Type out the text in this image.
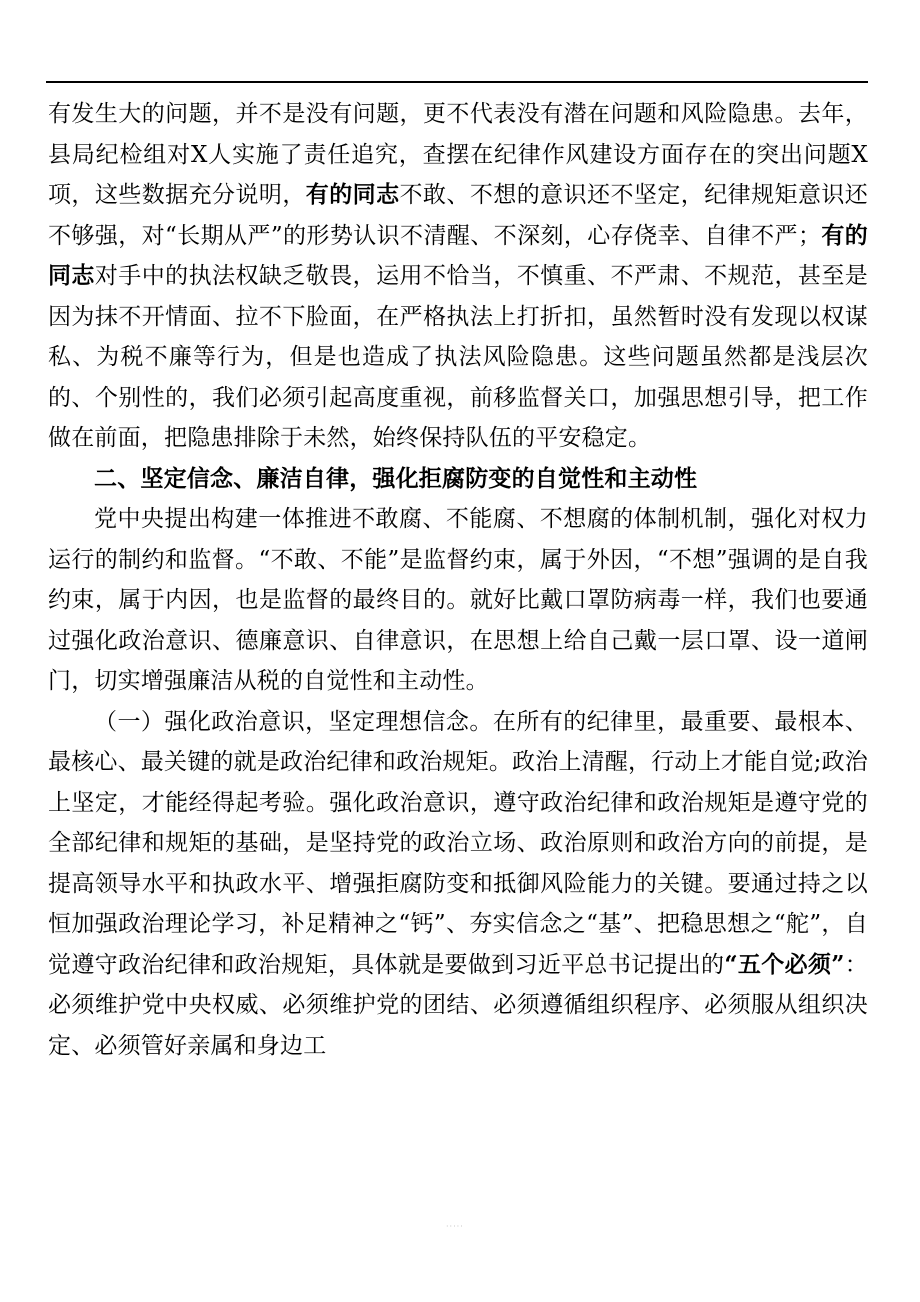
有发生大的问题，并不是没有问题，更不代表没有潜在问题和风险隐患。去年，县局纪检组对X人实施了责任追究，查摆在纪律作风建设方面存在的突出问题X项，这些数据充分说明，有的同志不敢、不想的意识还不坚定，纪律规矩意识还不够强，对“长期从严”的形势认识不清醒、不深刻，心存侥幸、自律不严；有的同志对手中的执法权缺乏敬畏，运用不恰当，不慎重、不严肃、不规范，甚至是因为抹不开情面、拉不下脸面，在严格执法上打折扣，虽然暂时没有发现以权谋私、为税不廉等行为，但是也造成了执法风险隐患。这些问题虽然都是浅层次的、个别性的，我们必须引起高度重视，前移监督关口，加强思想引导，把工作做在前面，把隐患排除于未然，始终保持队伍的平安稳定。

二、坚定信念、廉洁自律，强化拒腐防变的自觉性和主动性

党中央提出构建一体推进不敢腐、不能腐、不想腐的体制机制，强化对权力运行的制约和监督。“不敢、不能”是监督约束，属于外因，“不想”强调的是自我约束，属于内因，也是监督的最终目的。就好比戴口罩防病毒一样，我们也要通过强化政治意识、德廉意识、自律意识，在思想上给自己戴一层口罩、设一道闸门，切实增强廉洁从税的自觉性和主动性。

（一）强化政治意识，坚定理想信念。在所有的纪律里，最重要、最根本、最核心、最关键的就是政治纪律和政治规矩。政治上清醒，行动上才能自觉;政治上坚定，才能经得起考验。强化政治意识，遵守政治纪律和政治规矩是遵守党的全部纪律和规矩的基础，是坚持党的政治立场、政治原则和政治方向的前提，是提高领导水平和执政水平、增强拒腐防变和抵御风险能力的关键。要通过持之以恒加强政治理论学习，补足精神之“钙”、夯实信念之“基”、把稳思想之“舵”，自觉遵守政治纪律和政治规矩，具体就是要做到习近平总书记提出的“五个必须”：必须维护党中央权威、必须维护党的团结、必须遵循组织程序、必须服从组织决定、必须管好亲属和身边工

·····
